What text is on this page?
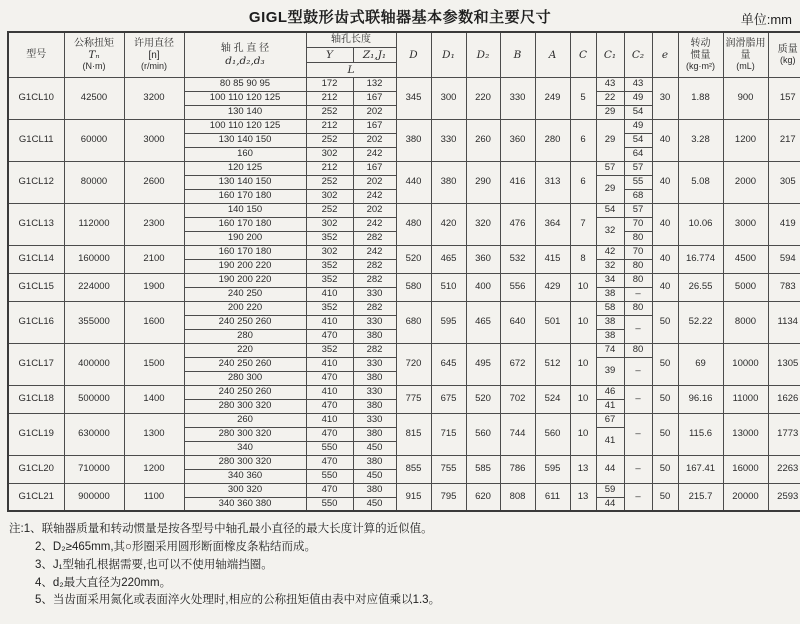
GIGL型鼓形齿式联轴器基本参数和主要尺寸	单位:mm
型号	公称扭矩
Tₙ
(N·m)	许用直径
[n]
(r/min)	轴 孔 直 径
d₁,d₂,d₃	轴孔长度		D	D₁	D₂	B	A	C	C₁	C₂	e	转动
惯量
(kg·m²)	润滑脂用
量
(mL)	质量
(kg)

				Y	Z₁,J₁												
				L													
G1CL10	42500	3200	80 85 90 95	172	132	345	300	220	330	249	5	43	43	30	1.88	900	157
			100 110 120 125	212	167							22	49				
			130 140	252	202							29	54				
G1CL11	60000	3000	100 110 120 125	212	167	380	330	260	360	280	6	29	49	40	3.28	1200	217
			130 140 150	252	202								54				
			160	302	242								64				
G1CL12	80000	2600	120 125	212	167	440	380	290	416	313	6	57	57	40	5.08	2000	305
			130 140 150	252	202							29	55				
			160 170 180	302	242								68				
G1CL13	112000	2300	140 150	252	202	480	420	320	476	364	7	54	57	40	10.06	3000	419
			160 170 180	302	242							32	70				
			190 200	352	282								80				
G1CL14	160000	2100	160 170 180	302	242	520	465	360	532	415	8	42	70	40	16.774	4500	594
			190 200 220	352	282							32	80				
G1CL15	224000	1900	190 200 220	352	282	580	510	400	556	429	10	34	80	40	26.55	5000	783
			240 250	410	330							38	–				
G1CL16	355000	1600	200 220	352	282	680	595	465	640	501	10	58	80	50	52.22	8000	1134
			240 250 260	410	330							38	–				
			280	470	380							38					
G1CL17	400000	1500	220	352	282	720	645	495	672	512	10	74	80	50	69	10000	1305
			240 250 260	410	330							39	–				
			280 300	470	380												
G1CL18	500000	1400	240 250 260	410	330	775	675	520	702	524	10	46	–	50	96.16	11000	1626
			280 300 320	470	380							41					
G1CL19	630000	1300	260	410	330	815	715	560	744	560	10	67	–	50	115.6	13000	1773
			280 300 320	470	380							41					
			340	550	450												
G1CL20	710000	1200	280 300 320	470	380	855	755	585	786	595	13	44	–	50	167.41	16000	2263
			340 360	550	450												
G1CL21	900000	1100	300 320	470	380	915	795	620	808	611	13	59	–	50	215.7	20000	2593
			340 360 380	550	450							44					
注:1、联轴器质量和转动惯量是按各型号中轴孔最小直径的最大长度计算的近似值。
2、D₂≥465mm,其○形圈采用圆形断面橡皮条粘结而成。
3、J₁型轴孔根据需要,也可以不使用轴端挡圈。
4、d₂最大直径为220mm。
5、当齿面采用氮化或表面淬火处理时,相应的公称扭矩值由表中对应值乘以1.3。
